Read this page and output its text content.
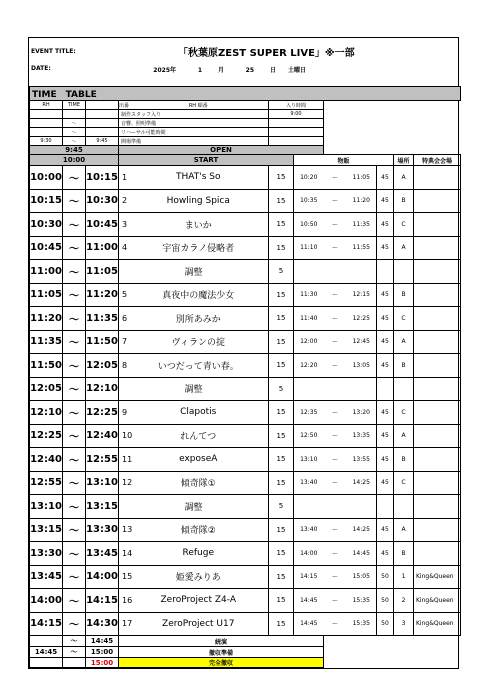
EVENT TITLE:	「秋葉原ZEST SUPER LIVE」※一部
DATE:	2025年 1 月 25 日 土曜日
TIME　TABLE											
RH	TIME		出番	RH 順番	入り時間						
			制作スタッフ入り		9:00						
	～		音響、照明準備								
	～		リハーサル可能時間								
9:30	～	9:45	開場準備								
9:45			OPEN								
10:00			START			物販				場所	特典会会場
10:00	～	10:15	1	THAT's So	15	10:20	～	11:05	45	A	
10:15	～	10:30	2	Howling Spica	15	10:35	～	11:20	45	B	
10:30	～	10:45	3	まいか	15	10:50	～	11:35	45	C	
10:45	～	11:00	4	宇宙カラノ侵略者	15	11:10	～	11:55	45	A	
11:00	～	11:05	調整		5						
11:05	～	11:20	5	真夜中の魔法少女	15	11:30	～	12:15	45	B	
11:20	～	11:35	6	別所あみか	15	11:40	～	12:25	45	C	
11:35	～	11:50	7	ヴィランの掟	15	12:00	～	12:45	45	A	
11:50	～	12:05	8	いつだって青い春。	15	12:20	～	13:05	45	B	
12:05	～	12:10	調整		5						
12:10	～	12:25	9	Clapotis	15	12:35	～	13:20	45	C	
12:25	～	12:40	10	れんてつ	15	12:50	～	13:35	45	A	
12:40	～	12:55	11	exposeA	15	13:10	～	13:55	45	B	
12:55	～	13:10	12	傾奇隊①	15	13:40	～	14:25	45	C	
13:10	～	13:15	調整		5						
13:15	～	13:30	13	傾奇隊②	15	13:40	～	14:25	45	A	
13:30	～	13:45	14	Refuge	15	14:00	～	14:45	45	B	
13:45	～	14:00	15	姫愛みりあ	15	14:15	～	15:05	50	1	King&Queen
14:00	～	14:15	16	ZeroProject Z4-A	15	14:45	～	15:35	50	2	King&Queen
14:15	～	14:30	17	ZeroProject U17	15	14:45	～	15:35	50	3	King&Queen
	～	14:45	続演								
14:45	～	15:00	撤収準備								
		15:00	完全撤収								
